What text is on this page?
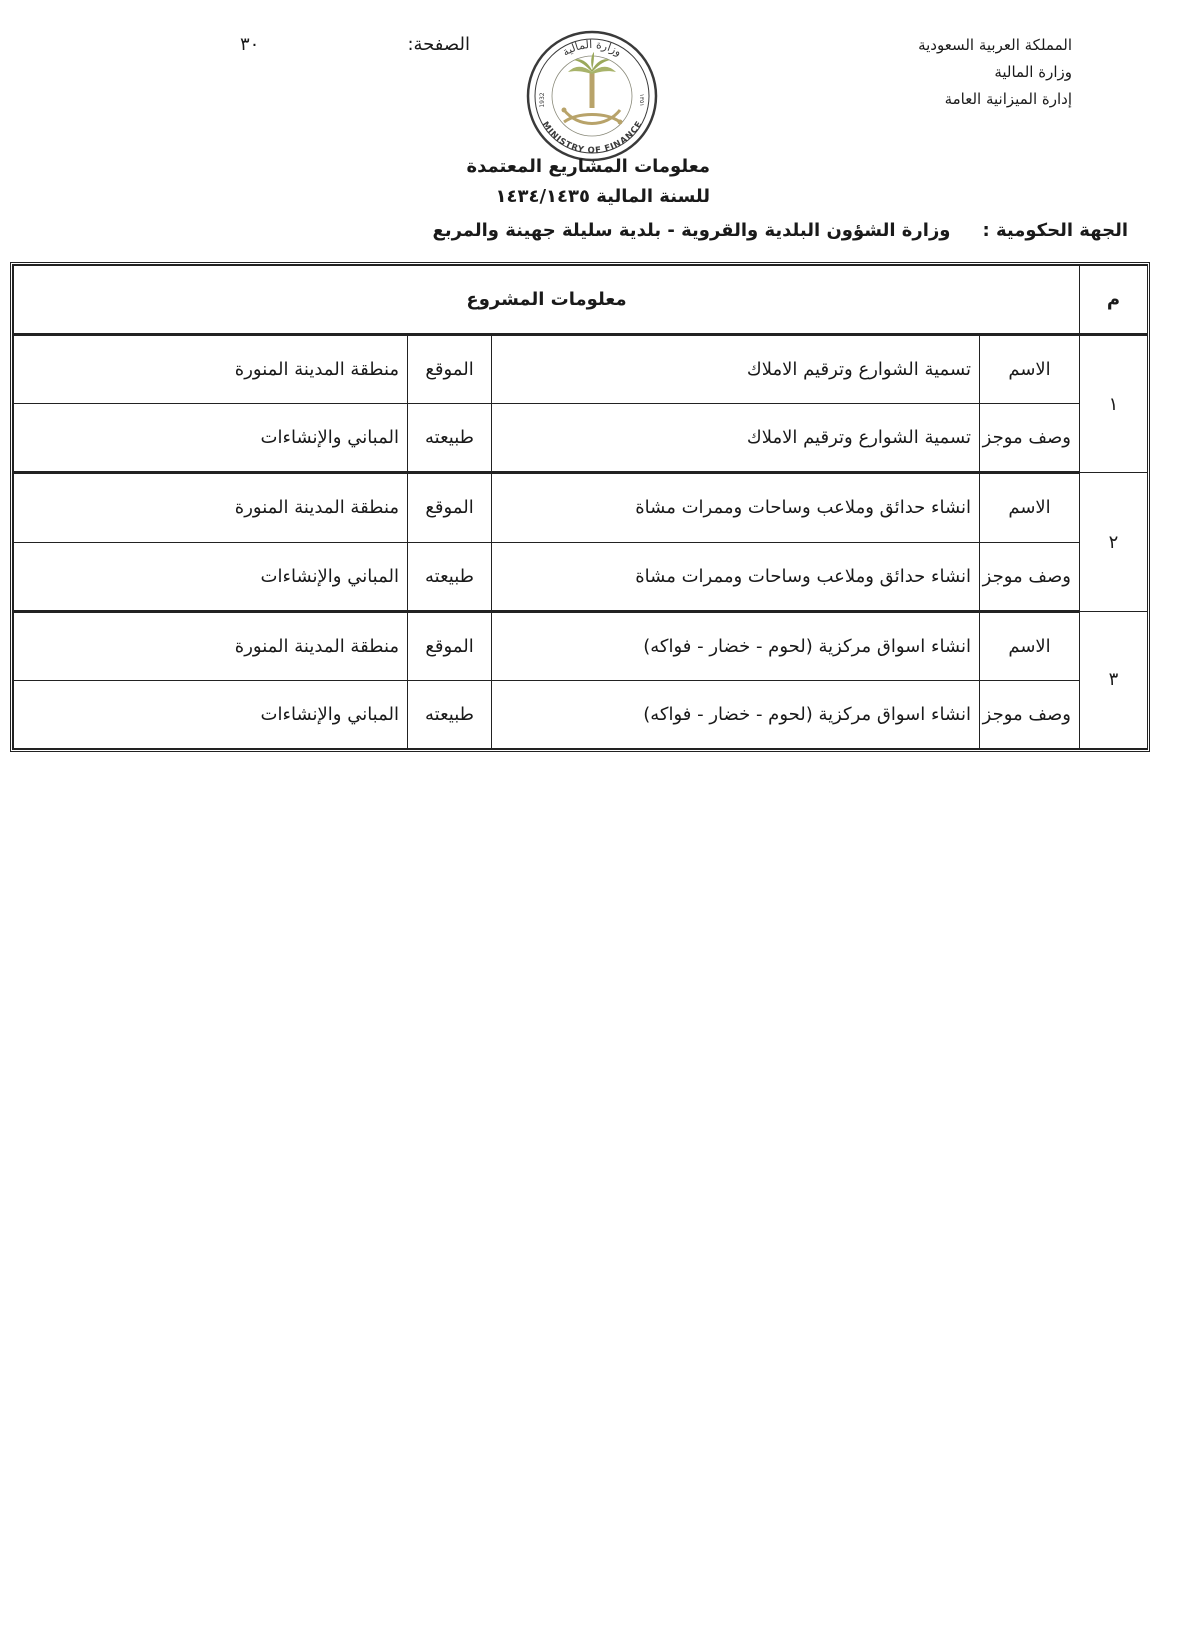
المملكة العربية السعودية
وزارة المالية
إدارة الميزانية العامة
وزارة المالية
MINISTRY OF FINANCE
1932	١٣٥١
الصفحة:
٣٠
معلومات المشاريع المعتمدة
للسنة المالية ١٤٣٤/١٤٣٥
الجهة الحكومية :وزارة الشؤون البلدية والقروية - بلدية سليلة جهينة والمربع
م	معلومات المشروع			
١	الاسم	تسمية الشوارع وترقيم الاملاك	الموقع	منطقة المدينة المنورة
	وصف موجز	تسمية الشوارع وترقيم الاملاك	طبيعته	المباني والإنشاءات
٢	الاسم	انشاء حدائق وملاعب وساحات وممرات مشاة	الموقع	منطقة المدينة المنورة
	وصف موجز	انشاء حدائق وملاعب وساحات وممرات مشاة	طبيعته	المباني والإنشاءات
٣	الاسم	انشاء اسواق مركزية (لحوم - خضار - فواكه)	الموقع	منطقة المدينة المنورة
	وصف موجز	انشاء اسواق مركزية (لحوم - خضار - فواكه)	طبيعته	المباني والإنشاءات
